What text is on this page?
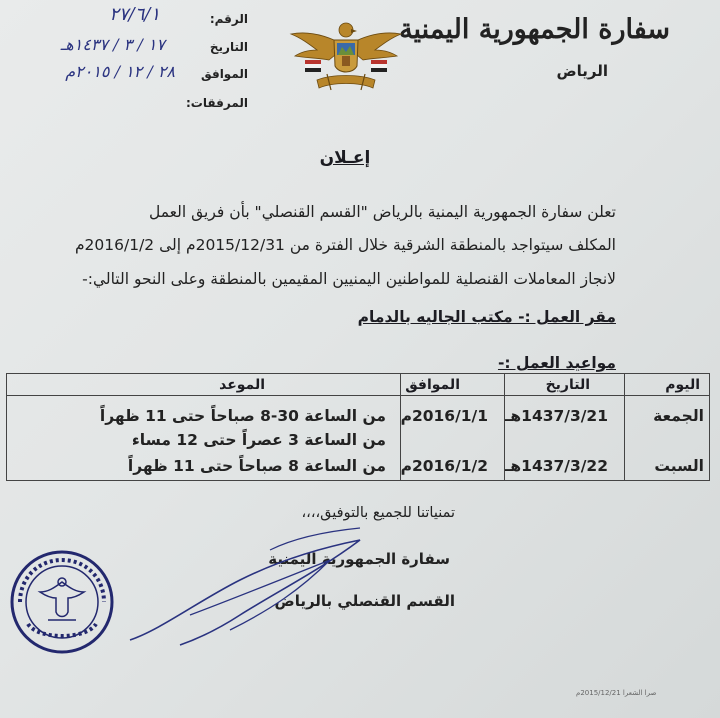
سفارة الجمهورية اليمنية
الرياض
الرقم:
٢٧/٦/١
التاريخ
١٧ / ٣ / ١٤٣٧هـ
الموافق
٢٨ / ١٢ / ٢٠١٥م
المرفقات:
إعـلان
تعلن سفارة الجمهورية اليمنية بالرياض "القسم القنصلي" بأن فريق العمل
المكلف سيتواجد بالمنطقة الشرقية خلال الفترة من 2015/12/31م إلى 2016/1/2م
لانجاز المعاملات القنصلية للمواطنين اليمنيين المقيمين بالمنطقة وعلى النحو التالي:-
مقر العمل :- مكتب الجاليه بالدمام
مواعيد العمل :-
اليوم
التاريخ
الموافق
الموعد
الجمعة
1437/3/21هـ
2016/1/1م
من الساعة 30-8 صباحاً حتى 11 ظهراً
من الساعة 3 عصراً حتى 12 مساء
السبت
1437/3/22هـ
2016/1/2م
من الساعة 8 صباحاً حتى 11 ظهراً
تمنياتنا للجميع بالتوفيق،،،،
سفارة الجمهورية اليمنية
القسم القنصلي بالرياض
صرا الشعرا 2015/12/21م
